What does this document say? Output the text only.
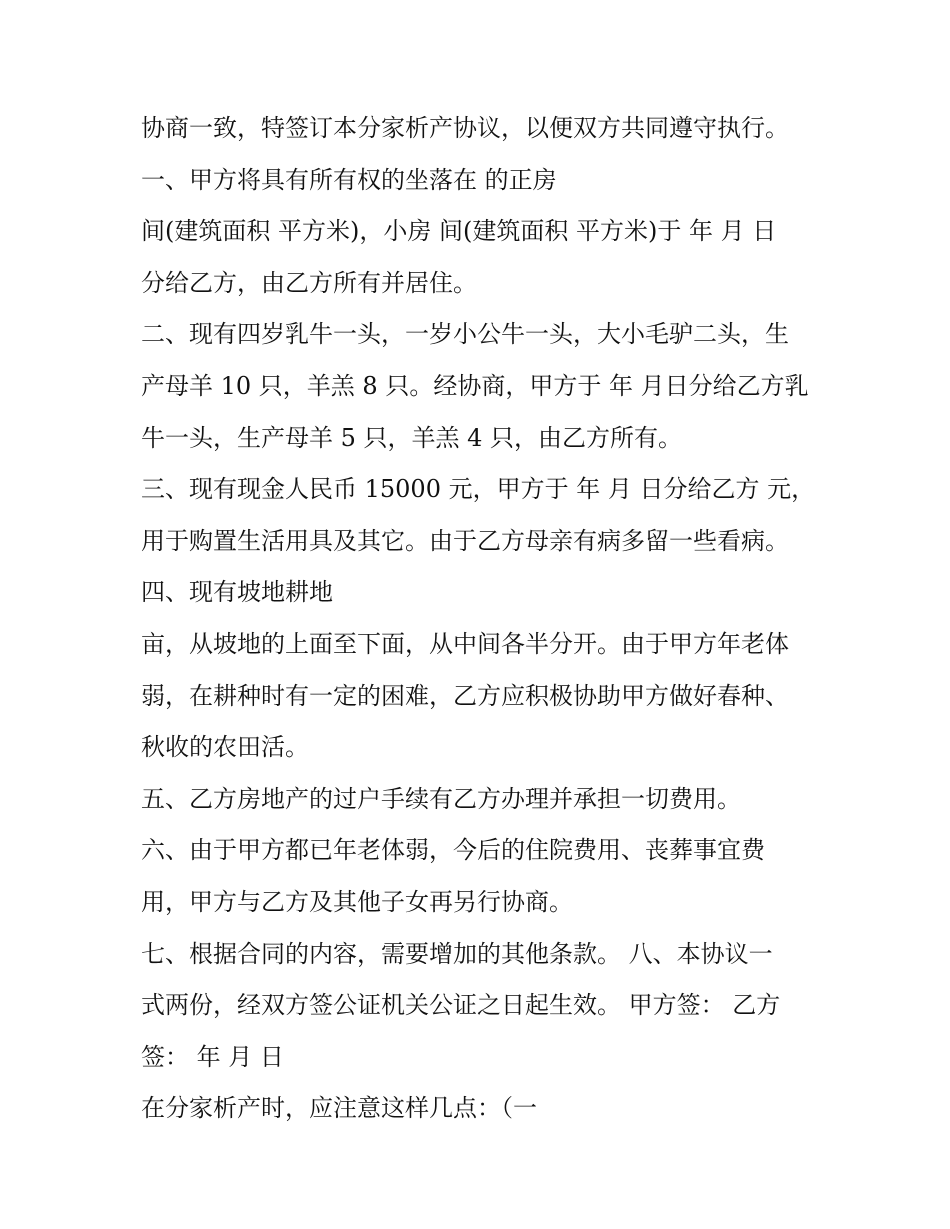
协商一致，特签订本分家析产协议，以便双方共同遵守执行。
一、甲方将具有所有权的坐落在 的正房
间(建筑面积 平方米)，小房 间(建筑面积 平方米)于 年 月 日
分给乙方，由乙方所有并居住。
二、现有四岁乳牛一头，一岁小公牛一头，大小毛驴二头，生
产母羊 10 只，羊羔 8 只。经协商，甲方于 年 月日分给乙方乳
牛一头，生产母羊 5 只，羊羔 4 只，由乙方所有。
三、现有现金人民币 15000 元，甲方于 年 月 日分给乙方 元，
用于购置生活用具及其它。由于乙方母亲有病多留一些看病。
四、现有坡地耕地
亩，从坡地的上面至下面，从中间各半分开。由于甲方年老体
弱，在耕种时有一定的困难，乙方应积极协助甲方做好春种、
秋收的农田活。
五、乙方房地产的过户手续有乙方办理并承担一切费用。
六、由于甲方都已年老体弱，今后的住院费用、丧葬事宜费
用，甲方与乙方及其他子女再另行协商。
七、根据合同的内容，需要增加的其他条款。 八、本协议一
式两份，经双方签公证机关公证之日起生效。 甲方签： 乙方
签： 年 月 日
在分家析产时，应注意这样几点：（一
